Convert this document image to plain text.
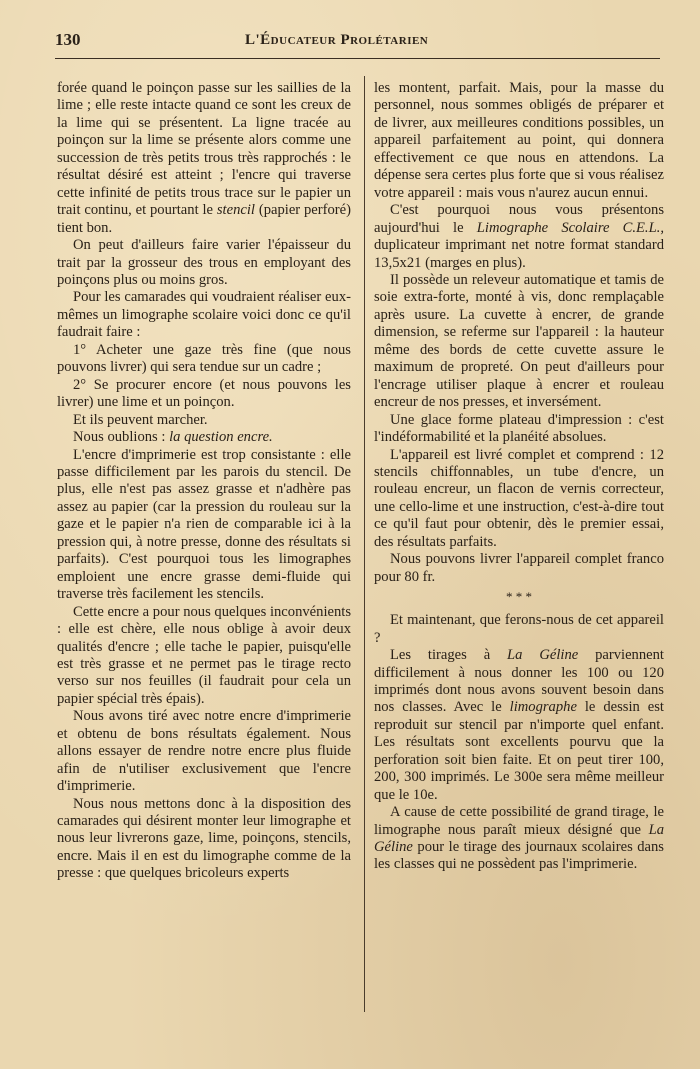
130	L'Éducateur Prolétarien

forée quand le poinçon passe sur les saillies de la lime ; elle reste intacte quand ce sont les creux de la lime qui se présentent. La ligne tracée au poinçon sur la lime se présente alors comme une succession de très petits trous très rapprochés : le résultat désiré est atteint ; l'encre qui traverse cette infinité de petits trous trace sur le papier un trait continu, et pourtant le stencil (papier perforé) tient bon.

On peut d'ailleurs faire varier l'épaisseur du trait par la grosseur des trous en employant des poinçons plus ou moins gros.

Pour les camarades qui voudraient réaliser eux-mêmes un limographe scolaire voici donc ce qu'il faudrait faire :

1° Acheter une gaze très fine (que nous pouvons livrer) qui sera tendue sur un cadre ;

2° Se procurer encore (et nous pouvons les livrer) une lime et un poinçon.

Et ils peuvent marcher.

Nous oublions : la question encre.

L'encre d'imprimerie est trop consistante : elle passe difficilement par les parois du stencil. De plus, elle n'est pas assez grasse et n'adhère pas assez au papier (car la pression du rouleau sur la gaze et le papier n'a rien de comparable ici à la pression qui, à notre presse, donne des résultats si parfaits). C'est pourquoi tous les limographes emploient une encre grasse demi-fluide qui traverse très facilement les stencils.

Cette encre a pour nous quelques inconvénients : elle est chère, elle nous oblige à avoir deux qualités d'encre ; elle tache le papier, puisqu'elle est très grasse et ne permet pas le tirage recto verso sur nos feuilles (il faudrait pour cela un papier spécial très épais).

Nous avons tiré avec notre encre d'imprimerie et obtenu de bons résultats également. Nous allons essayer de rendre notre encre plus fluide afin de n'utiliser exclusivement que l'encre d'imprimerie.

Nous nous mettons donc à la disposition des camarades qui désirent monter leur limographe et nous leur livrerons gaze, lime, poinçons, stencils, encre. Mais il en est du limographe comme de la presse : que quelques bricoleurs experts

les montent, parfait. Mais, pour la masse du personnel, nous sommes obligés de préparer et de livrer, aux meilleures conditions possibles, un appareil parfaitement au point, qui donnera effectivement ce que nous en attendons. La dépense sera certes plus forte que si vous réalisez votre appareil : mais vous n'aurez aucun ennui.

C'est pourquoi nous vous présentons aujourd'hui le Limographe Scolaire C.E.L., duplicateur imprimant net notre format standard 13,5x21 (marges en plus).

Il possède un releveur automatique et tamis de soie extra-forte, monté à vis, donc remplaçable après usure. La cuvette à encrer, de grande dimension, se referme sur l'appareil : la hauteur même des bords de cette cuvette assure le maximum de propreté. On peut d'ailleurs pour l'encrage utiliser plaque à encrer et rouleau encreur de nos presses, et inversément.

Une glace forme plateau d'impression : c'est l'indéformabilité et la planéité absolues.

L'appareil est livré complet et comprend : 12 stencils chiffonnables, un tube d'encre, un rouleau encreur, un flacon de vernis correcteur, une cello-lime et une instruction, c'est-à-dire tout ce qu'il faut pour obtenir, dès le premier essai, des résultats parfaits.

Nous pouvons livrer l'appareil complet franco pour 80 fr.

* * *

Et maintenant, que ferons-nous de cet appareil ?

Les tirages à La Géline parviennent difficilement à nous donner les 100 ou 120 imprimés dont nous avons souvent besoin dans nos classes. Avec le limographe le dessin est reproduit sur stencil par n'importe quel enfant. Les résultats sont excellents pourvu que la perforation soit bien faite. Et on peut tirer 100, 200, 300 imprimés. Le 300e sera même meilleur que le 10e.

A cause de cette possibilité de grand tirage, le limographe nous paraît mieux désigné que La Géline pour le tirage des journaux scolaires dans les classes qui ne possèdent pas l'imprimerie.
